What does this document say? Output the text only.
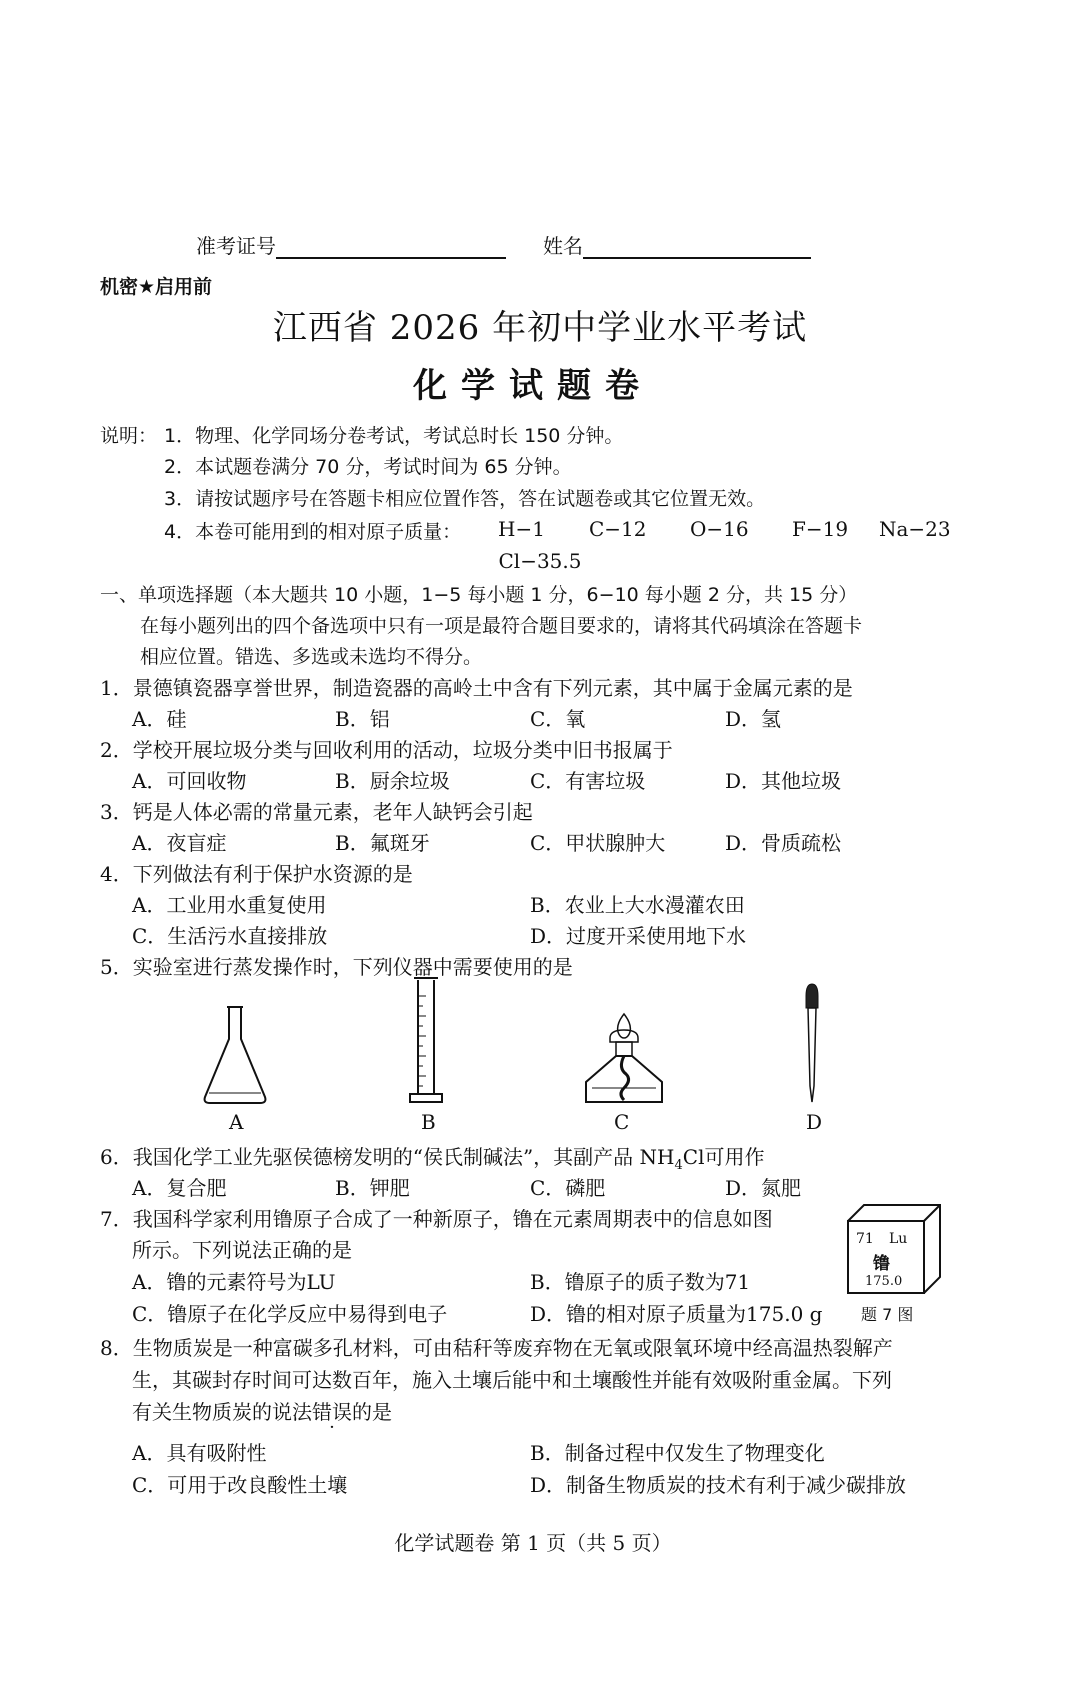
准考证号	姓名
机密★启用前
江西省 2026 年初中学业水平考试
化学试题卷
说明： 1．物理、化学同场分卷考试，考试总时长 150 分钟。
2．本试题卷满分 70 分，考试时间为 65 分钟。
3．请按试题序号在答题卡相应位置作答，答在试题卷或其它位置无效。
4．本卷可能用到的相对原子质量： H−1 C−12 O−16 F−19 Na−23
Cl−35.5
一、单项选择题（本大题共 10 小题，1−5 每小题 1 分，6−10 每小题 2 分，共 15 分）
在每小题列出的四个备选项中只有一项是最符合题目要求的，请将其代码填涂在答题卡
相应位置。错选、多选或未选均不得分。
1．景德镇瓷器享誉世界，制造瓷器的高岭土中含有下列元素，其中属于金属元素的是
A．硅	B．铝	C．氧	D．氢
2．学校开展垃圾分类与回收利用的活动，垃圾分类中旧书报属于
A．可回收物	B．厨余垃圾	C．有害垃圾	D．其他垃圾
3．钙是人体必需的常量元素，老年人缺钙会引起
A．夜盲症	B．氟斑牙	C．甲状腺肿大	D．骨质疏松
4．下列做法有利于保护水资源的是
A．工业用水重复使用	B．农业上大水漫灌农田
C．生活污水直接排放	D．过度开采使用地下水
5．实验室进行蒸发操作时，下列仪器中需要使用的是
A	B	C	D
6．我国化学工业先驱侯德榜发明的“侯氏制碱法”，其副产品 $NH_4Cl$可用作
A．复合肥	B．钾肥	C．磷肥	D．氮肥
7．我国科学家利用镥原子合成了一种新原子，镥在元素周期表中的信息如图
所示。下列说法正确的是
A．镥的元素符号为LU	B．镥原子的质子数为71
C．镥原子在化学反应中易得到电子	D．镥的相对原子质量为175.0 g
71 Lu
镥
175.0
题 7 图
8．生物质炭是一种富碳多孔材料，可由秸秆等废弃物在无氧或限氧环境中经高温热裂解产
生，其碳封存时间可达数百年，施入土壤后能中和土壤酸性并能有效吸附重金属。下列
有关生物质炭的说法错误的是
A．具有吸附性	B．制备过程中仅发生了物理变化
C．可用于改良酸性土壤	D．制备生物质炭的技术有利于减少碳排放
化学试题卷 第 1 页（共 5 页）
